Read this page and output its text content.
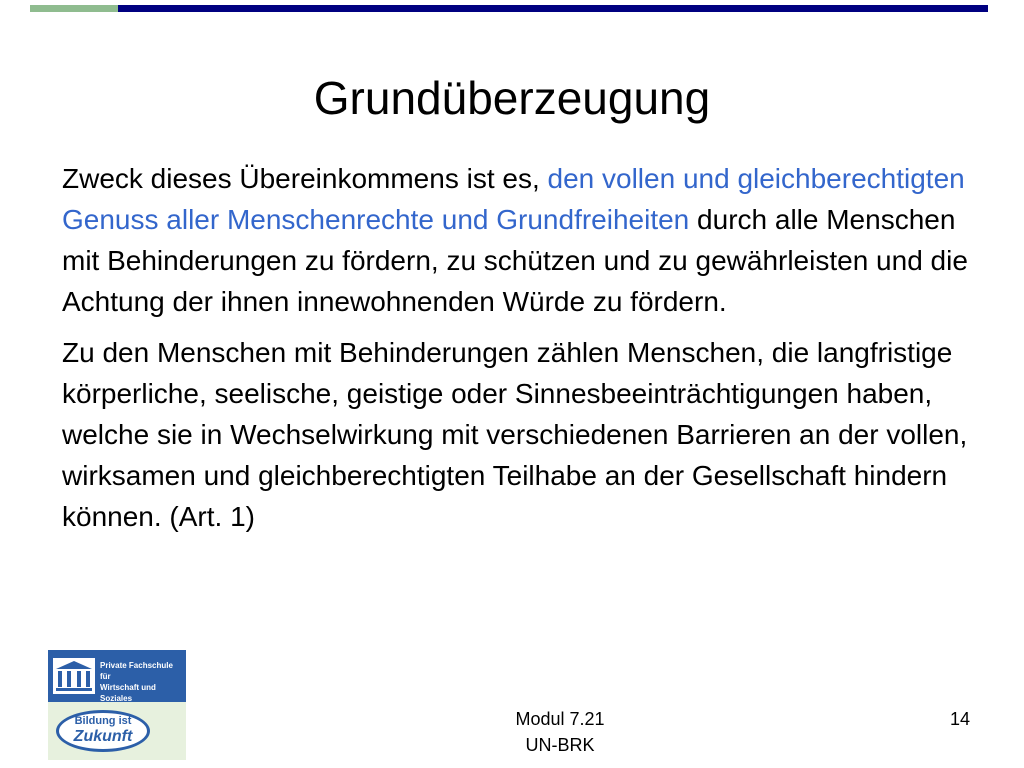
Grundüberzeugung

Zweck dieses Übereinkommens ist es, den vollen und gleichberechtigten Genuss aller Menschenrechte und Grundfreiheiten durch alle Menschen mit Behinderungen zu fördern, zu schützen und zu gewährleisten und die Achtung der ihnen innewohnenden Würde zu fördern.

Zu den Menschen mit Behinderungen zählen Menschen, die langfristige körperliche, seelische, geistige oder Sinnesbeeinträchtigungen haben, welche sie in Wechselwirkung mit verschiedenen Barrieren an der vollen, wirksamen und gleichberechtigten Teilhabe an der Gesellschaft hindern können. (Art. 1)

Private Fachschule für
Wirtschaft und Soziales
Bildung ist
Zukunft
Modul 7.21
UN-BRK
14
